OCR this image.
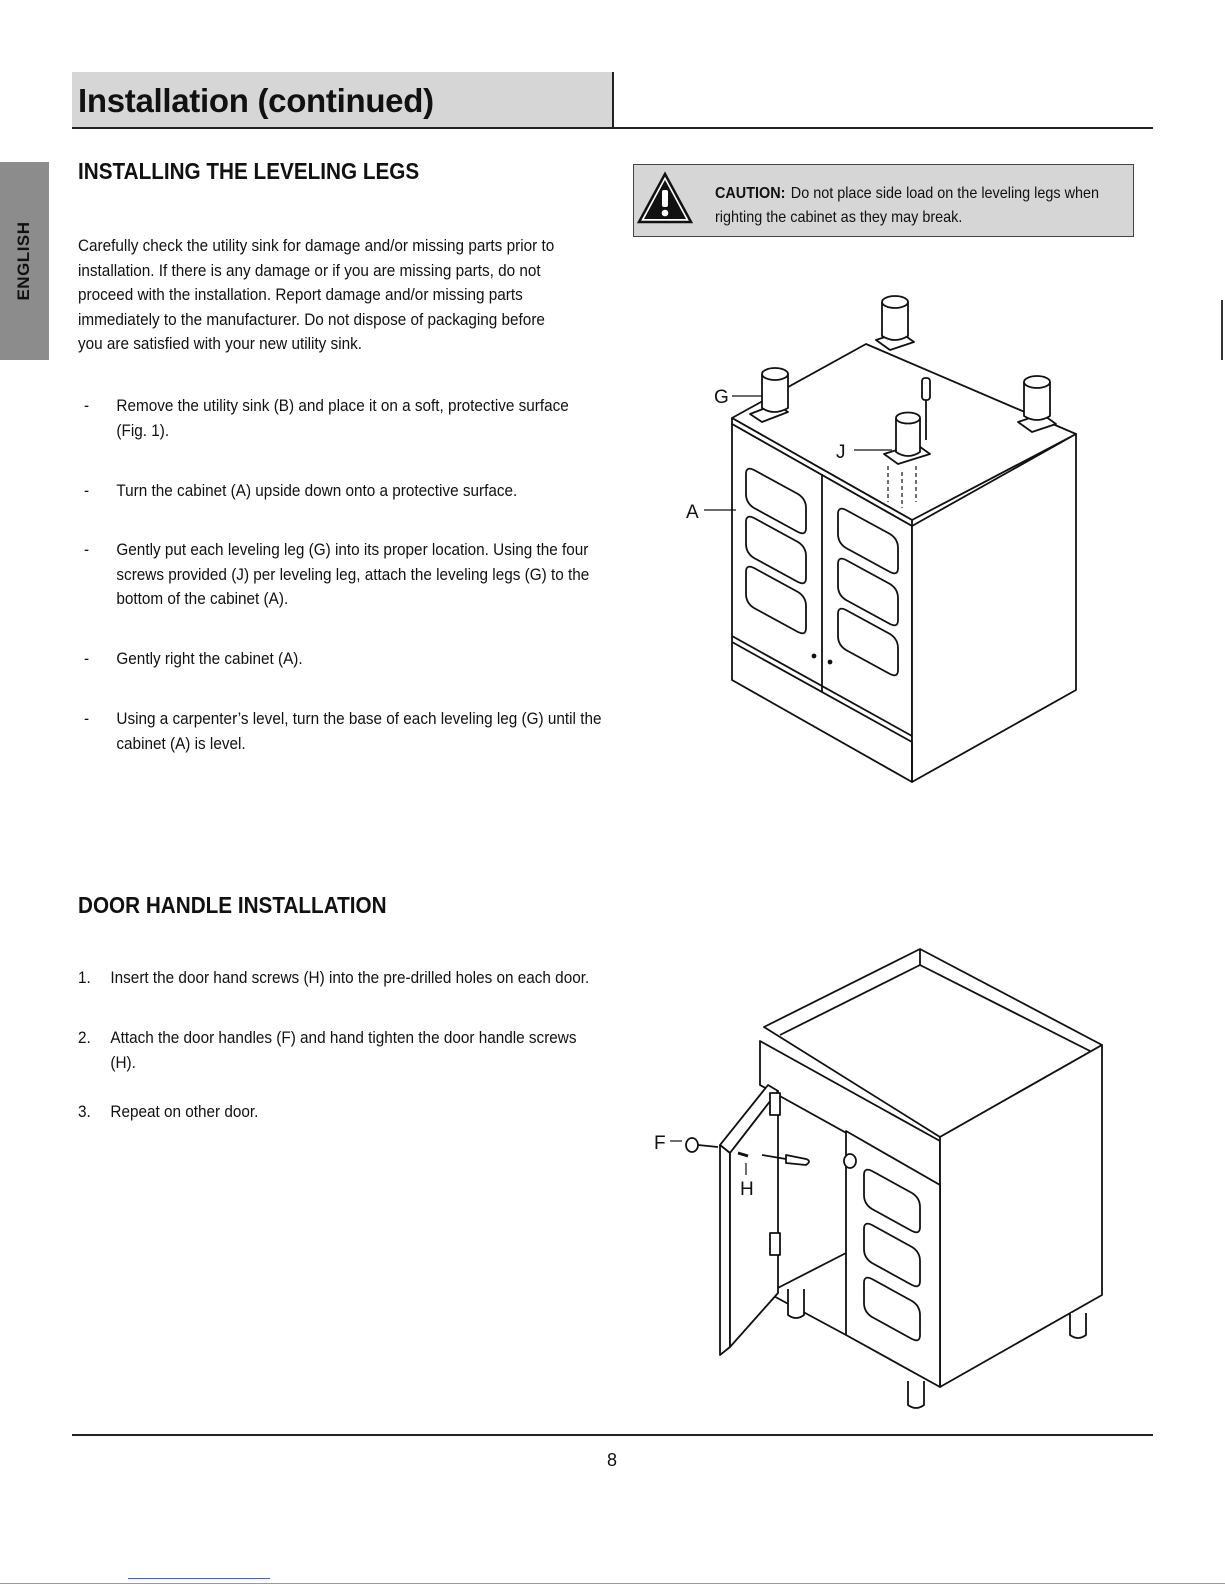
Installation (continued)
ENGLISH
INSTALLING THE LEVELING LEGS
Carefully check the utility sink for damage and/or missing parts prior to installation. If there is any damage or if you are missing parts, do not proceed with the installation. Report damage and/or missing parts immediately to the manufacturer. Do not dispose of packaging before you are satisfied with your new utility sink.
- Remove the utility sink (B) and place it on a soft, protective surface (Fig. 1).
- Turn the cabinet (A) upside down onto a protective surface.
- Gently put each leveling leg (G) into its proper location. Using the four screws provided (J) per leveling leg, attach the leveling legs (G) to the bottom of the cabinet (A).
- Gently right the cabinet (A).
- Using a carpenter’s level, turn the base of each leveling leg (G) until the cabinet (A) is level.
CAUTION: Do not place side load on the leveling legs when righting the cabinet as they may break.
G
J
A
DOOR HANDLE INSTALLATION
1. Insert the door hand screws (H) into the pre-drilled holes on each door.
2. Attach the door handles (F) and hand tighten the door handle screws (H).
3. Repeat on other door.
F
H
8
